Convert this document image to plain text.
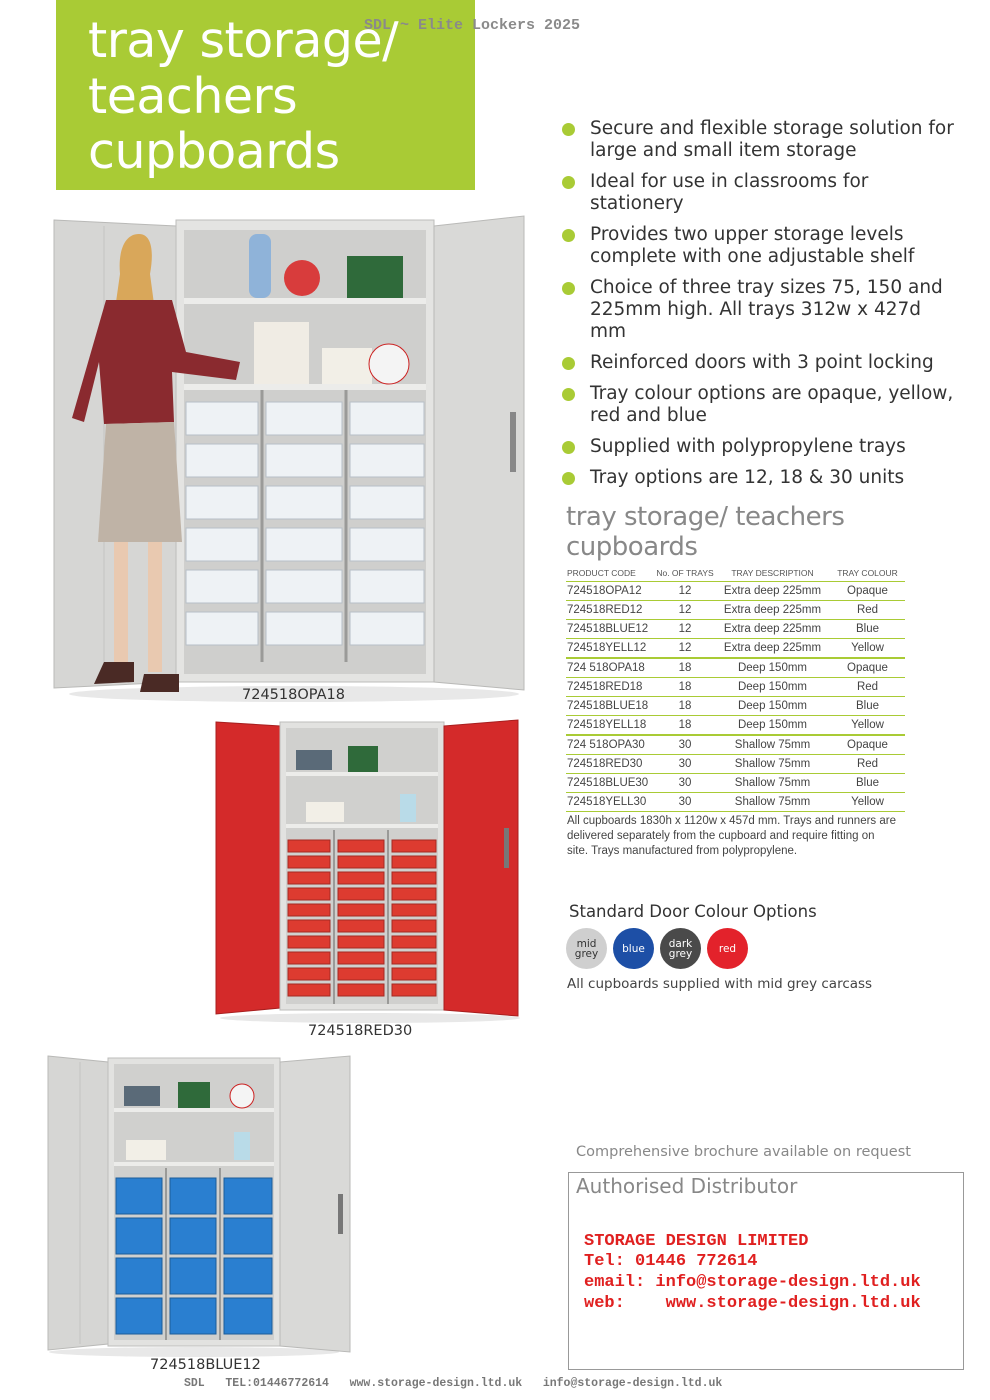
tray storage/
teachers
cupboards
SDL ~ Elite Lockers 2025
Secure and flexible storage solution for large and small item storage
Ideal for use in classrooms for stationery
Provides two upper storage levels complete with one adjustable shelf
Choice of three tray sizes 75, 150 and 225mm high. All trays 312w x 427d mm
Reinforced doors with 3 point locking
Tray colour options are opaque, yellow, red and blue
Supplied with polypropylene trays
Tray options are 12, 18 & 30 units
tray storage/ teachers
cupboards
PRODUCT CODE	No. OF TRAYS	TRAY DESCRIPTION	TRAY COLOUR
724518OPA12	12	Extra deep 225mm	Opaque
724518RED12	12	Extra deep 225mm	Red
724518BLUE12	12	Extra deep 225mm	Blue
724518YELL12	12	Extra deep 225mm	Yellow
724 518OPA18	18	Deep 150mm	Opaque
724518RED18	18	Deep 150mm	Red
724518BLUE18	18	Deep 150mm	Blue
724518YELL18	18	Deep 150mm	Yellow
724 518OPA30	30	Shallow 75mm	Opaque
724518RED30	30	Shallow 75mm	Red
724518BLUE30	30	Shallow 75mm	Blue
724518YELL30	30	Shallow 75mm	Yellow
All cupboards 1830h x 1120w x 457d mm. Trays and runners are delivered separately from the cupboard and require fitting on site. Trays manufactured from polypropylene.
Standard Door Colour Options
mid
grey blue dark
grey	red
All cupboards supplied with mid grey carcass
Comprehensive brochure available on request
Authorised Distributor
STORAGE DESIGN LIMITED
Tel: 01446 772614
email: info@storage-design.ltd.uk
web:    www.storage-design.ltd.uk
SDL   TEL:01446772614   www.storage-design.ltd.uk   info@storage-design.ltd.uk
724518OPA18
724518RED30
724518BLUE12
